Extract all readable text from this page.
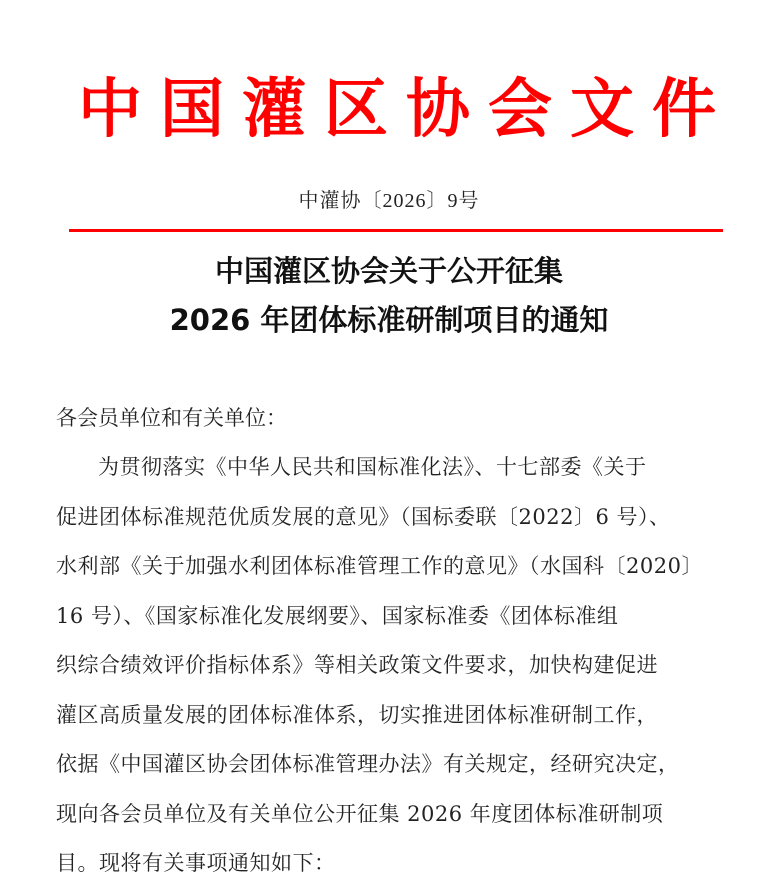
中国灌区协会文件
中灌协〔2026〕9号
中国灌区协会关于公开征集
2026 年团体标准研制项目的通知
各会员单位和有关单位：
为贯彻落实《中华人民共和国标准化法》、十七部委《关于
促进团体标准规范优质发展的意见》（国标委联〔2022〕6 号）、
水利部《关于加强水利团体标准管理工作的意见》（水国科〔2020〕
16 号）、《国家标准化发展纲要》、国家标准委《团体标准组
织综合绩效评价指标体系》等相关政策文件要求，加快构建促进
灌区高质量发展的团体标准体系，切实推进团体标准研制工作，
依据《中国灌区协会团体标准管理办法》有关规定，经研究决定，
现向各会员单位及有关单位公开征集 2026 年度团体标准研制项
目。现将有关事项通知如下：
